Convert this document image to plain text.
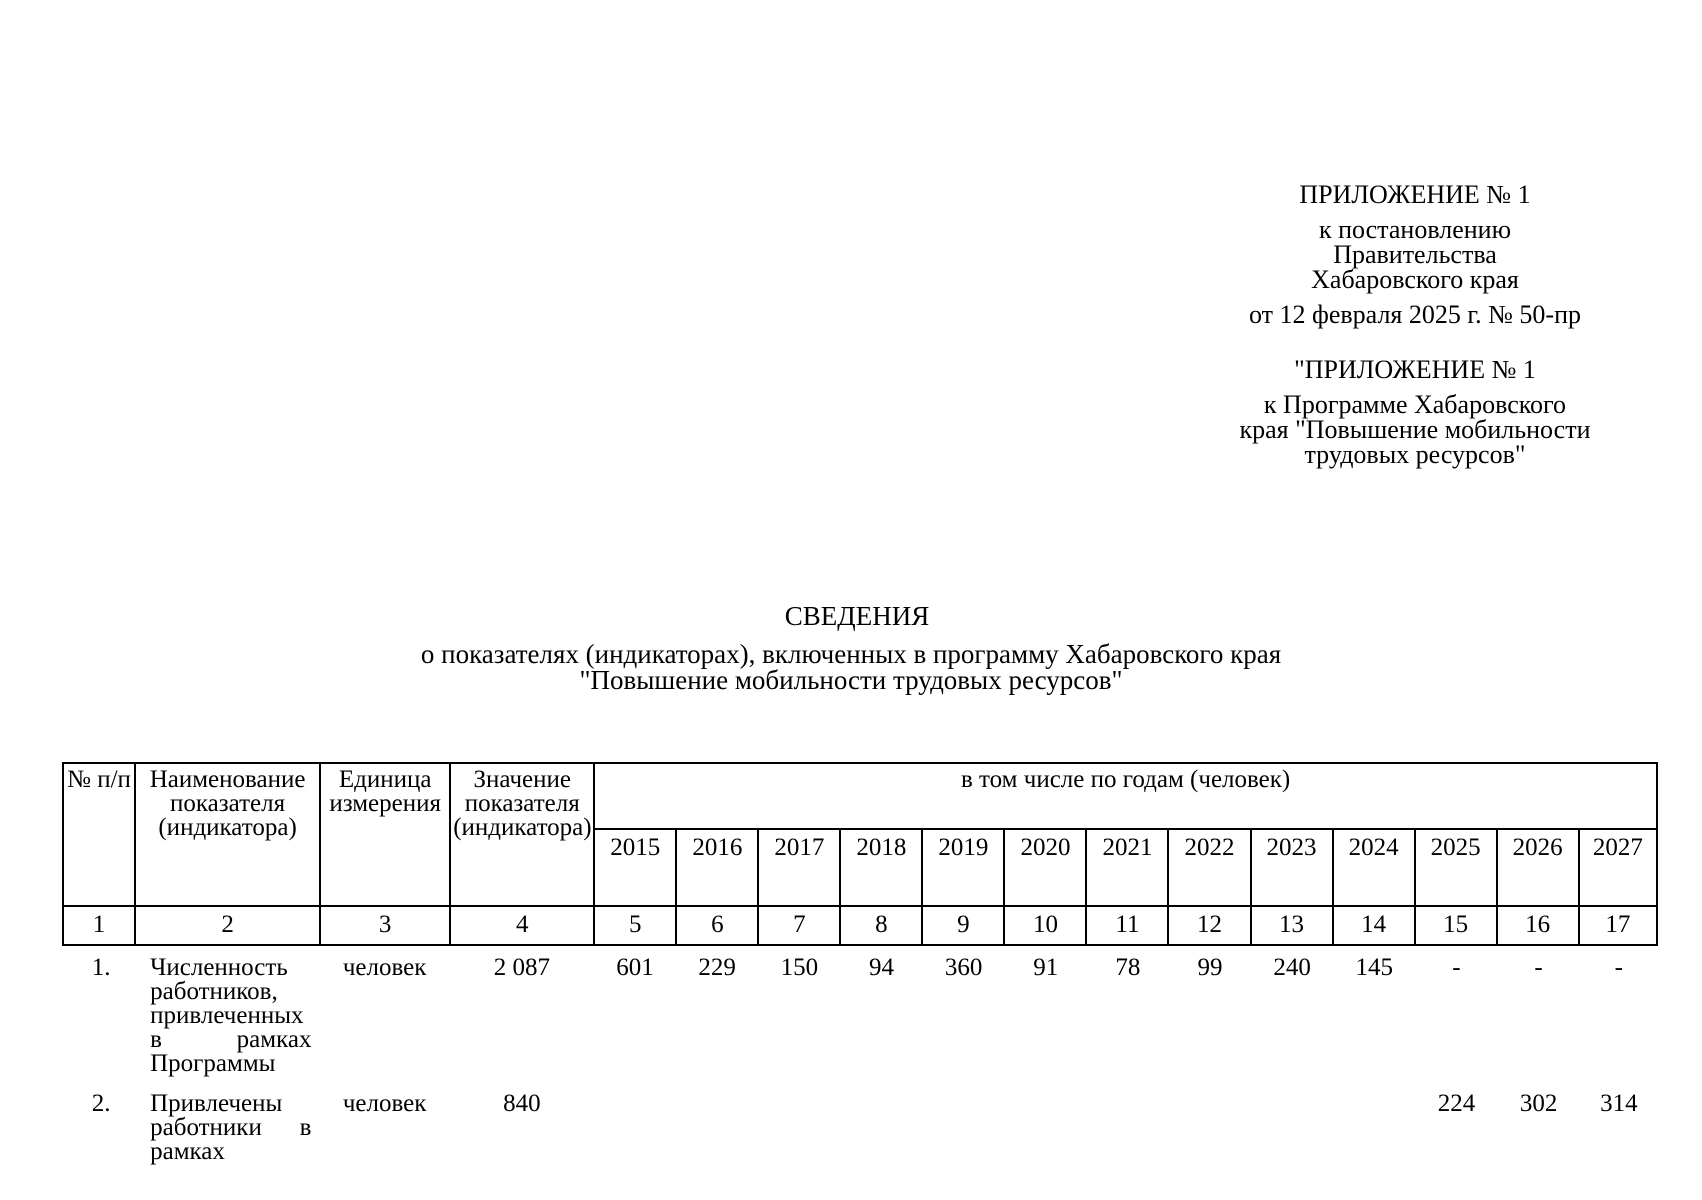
ПРИЛОЖЕНИЕ № 1

к постановлению

Правительства

Хабаровского края

от 12 февраля 2025 г. № 50-пр

"ПРИЛОЖЕНИЕ № 1

к Программе Хабаровского

края "Повышение мобильности

трудовых ресурсов"

СВЕДЕНИЯ

о показателях (индикаторах), включенных в программу Хабаровского края

"Повышение мобильности трудовых ресурсов"

№ п/п	Наименование показателя (индикатора)	Единица измерения	Значение показателя (индикатора)	в том числе по годам (человек)												
				2015	2016	2017	2018	2019	2020	2021	2022	2023	2024	2025	2026	2027
1	2	3	4	5	6	7	8	9	10	11	12	13	14	15	16	17
1.	Численность работников, привлеченных в рамках Программы	человек	2 087	601	229	150	94	360	91	78	99	240	145	-	-	-
2.	Привлечены работники в рамках	человек	840											224	302	314
